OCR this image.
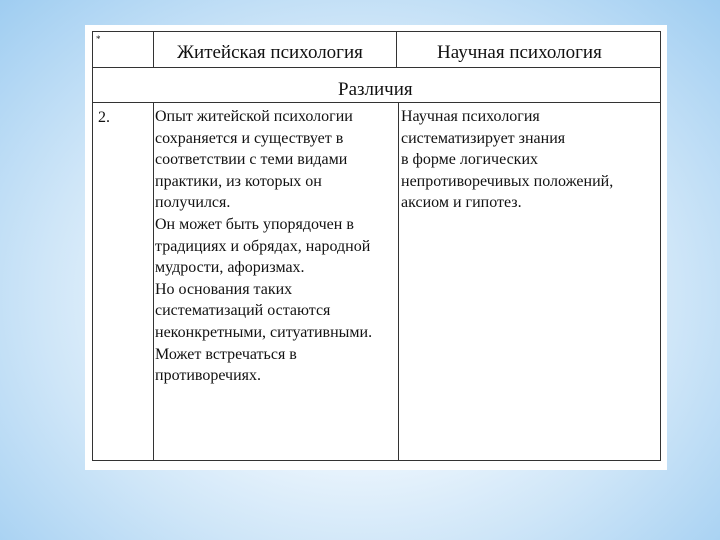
*
Житейская психология	Научная психология
Различия
2.	Опыт житейской психологии
сохраняется и существует в
соответствии с теми видами
практики, из которых он
получился.
Он может быть упорядочен в
традициях и обрядах, народной
мудрости, афоризмах.
Но основания таких
систематизаций остаются
неконкретными, ситуативными.
Может встречаться в
противоречиях.
Научная психология
систематизирует знания
в форме логических
непротиворечивых положений,
аксиом и гипотез.
